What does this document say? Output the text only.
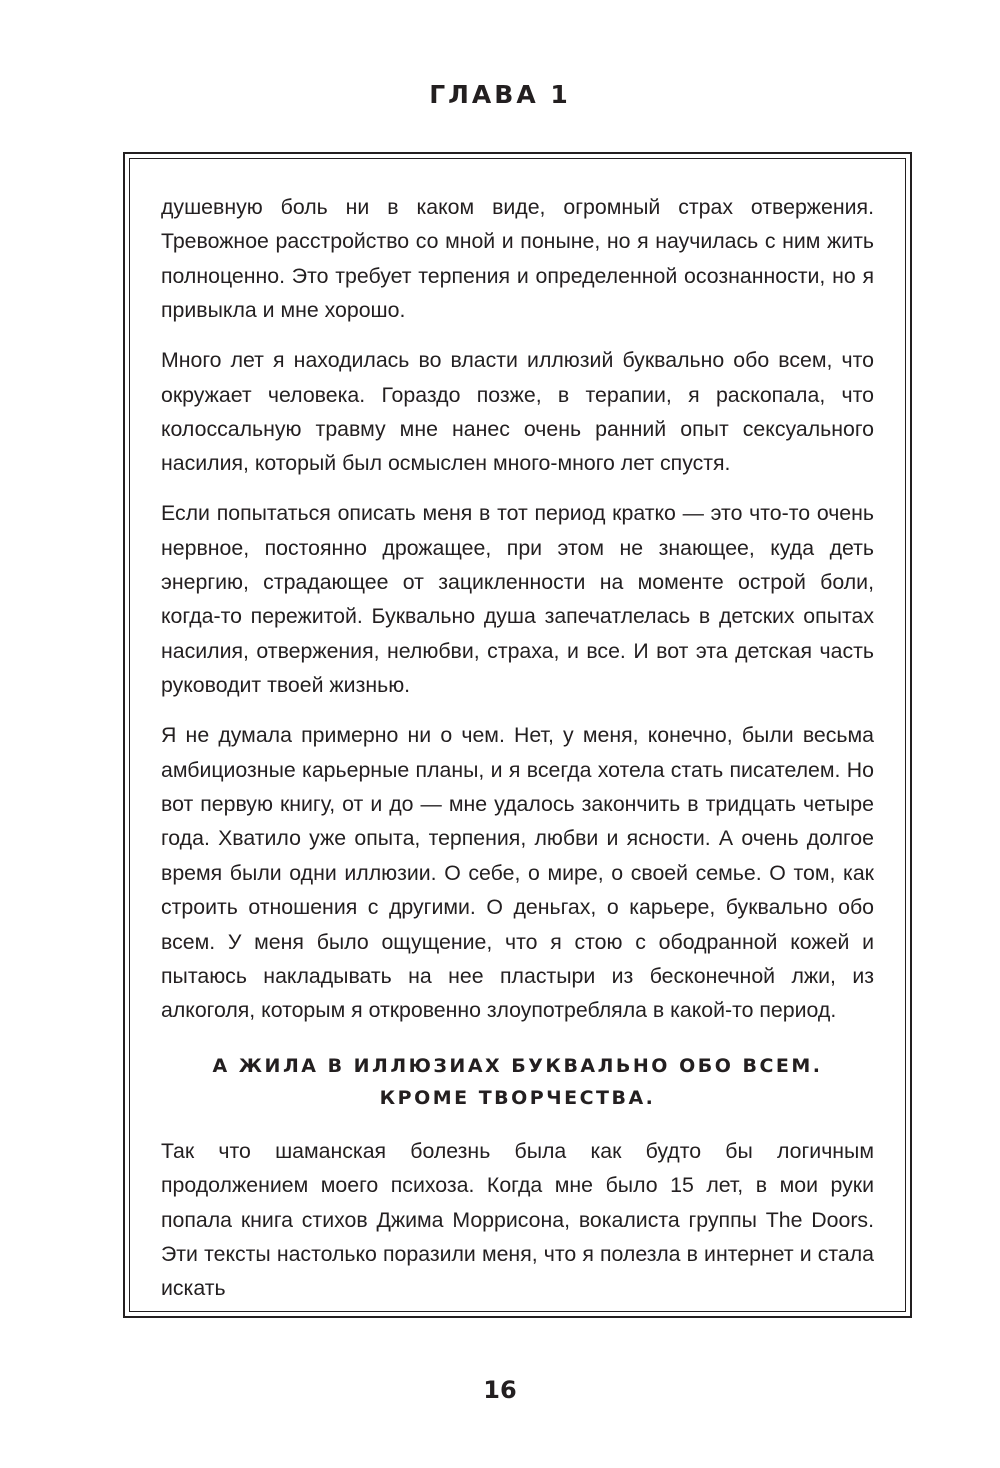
ГЛАВА 1

душевную боль ни в каком виде, огромный страх отвержения. Тревожное расстройство со мной и поныне, но я научилась с ним жить полноценно. Это требует терпения и определенной осознанности, но я привыкла и мне хорошо.

Много лет я находилась во власти иллюзий буквально обо всем, что окружает человека. Гораздо позже, в терапии, я раскопала, что колоссальную травму мне нанес очень ранний опыт сексуального насилия, который был осмыслен много-много лет спустя.

Если попытаться описать меня в тот период кратко — это что-то очень нервное, постоянно дрожащее, при этом не знающее, куда деть энергию, страдающее от зацикленности на моменте острой боли, когда-то пережитой. Буквально душа запечатлелась в детских опытах насилия, отвержения, нелюбви, страха, и все. И вот эта детская часть руководит твоей жизнью.

Я не думала примерно ни о чем. Нет, у меня, конечно, были весьма амбициозные карьерные планы, и я всегда хотела стать писателем. Но вот первую книгу, от и до — мне удалось закончить в тридцать четыре года. Хватило уже опыта, терпения, любви и ясности. А очень долгое время были одни иллюзии. О себе, о мире, о своей семье. О том, как строить отношения с другими. О деньгах, о карьере, буквально обо всем. У меня было ощущение, что я стою с ободранной кожей и пытаюсь накладывать на нее пластыри из бесконечной лжи, из алкоголя, которым я откровенно злоупотребляла в какой-то период.

А ЖИЛА В ИЛЛЮЗИАХ БУКВАЛЬНО ОБО ВСЕМ.
КРОМЕ ТВОРЧЕСТВА.

Так что шаманская болезнь была как будто бы логичным продолжением моего психоза. Когда мне было 15 лет, в мои руки попала книга стихов Джима Моррисона, вокалиста группы The Doors. Эти тексты настолько поразили меня, что я полезла в интернет и стала искать

16
